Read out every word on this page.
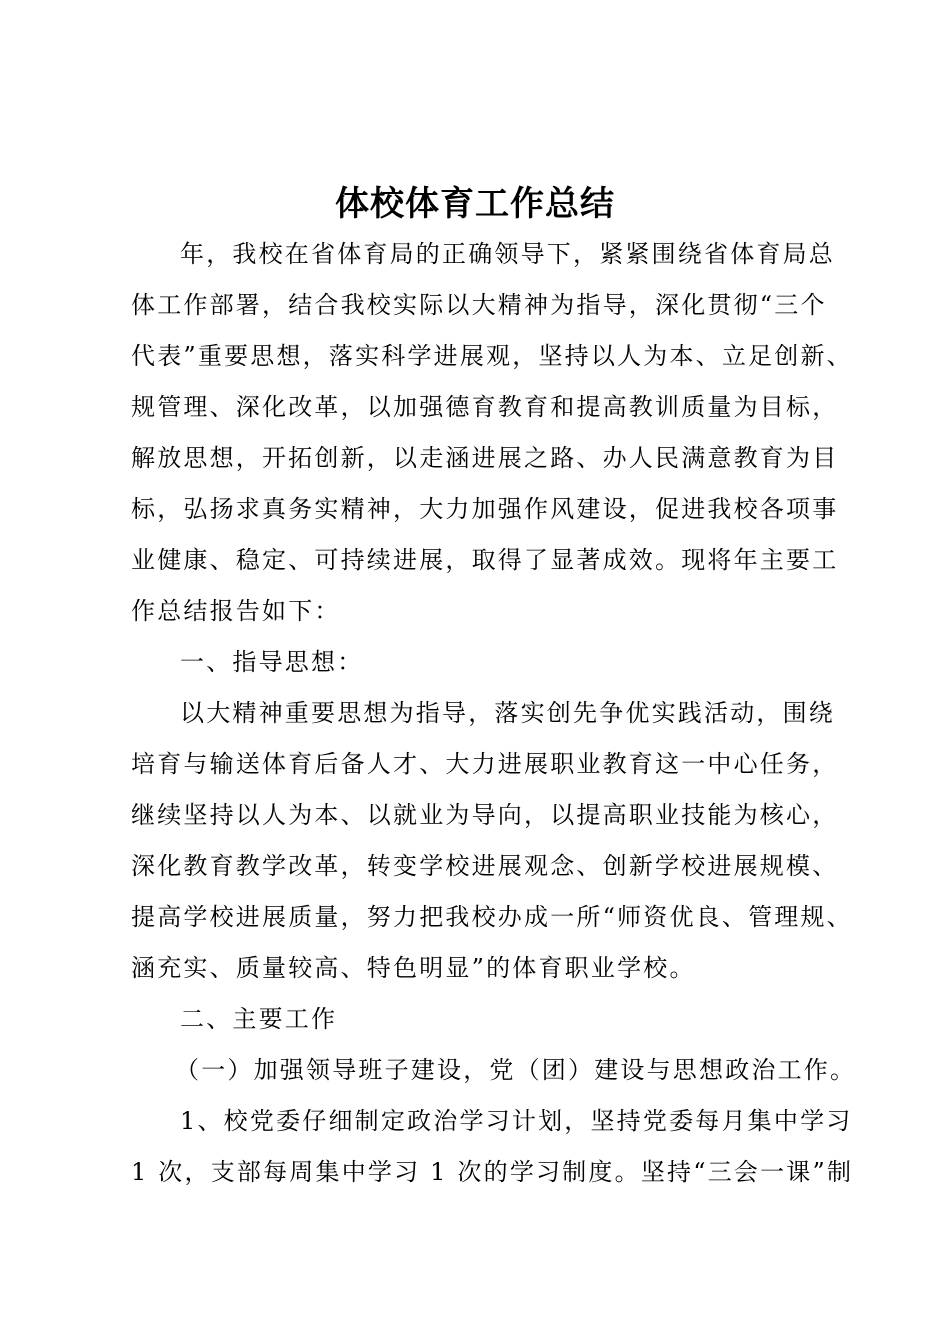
体校体育工作总结
年，我校在省体育局的正确领导下，紧紧围绕省体育局总
体工作部署，结合我校实际以大精神为指导，深化贯彻“三个
代表”重要思想，落实科学进展观，坚持以人为本、立足创新、
规管理、深化改革，以加强德育教育和提高教训质量为目标，
解放思想，开拓创新，以走涵进展之路、办人民满意教育为目
标，弘扬求真务实精神，大力加强作风建设，促进我校各项事
业健康、稳定、可持续进展，取得了显著成效。现将年主要工
作总结报告如下：
一、指导思想：
以大精神重要思想为指导，落实创先争优实践活动，围绕
培育与输送体育后备人才、大力进展职业教育这一中心任务，
继续坚持以人为本、以就业为导向，以提高职业技能为核心，
深化教育教学改革，转变学校进展观念、创新学校进展规模、
提高学校进展质量，努力把我校办成一所“师资优良、管理规、
涵充实、质量较高、特色明显”的体育职业学校。
二、主要工作
（一）加强领导班子建设，党（团）建设与思想政治工作。
1、校党委仔细制定政治学习计划，坚持党委每月集中学习
1 次，支部每周集中学习 1 次的学习制度。坚持“三会一课”制
